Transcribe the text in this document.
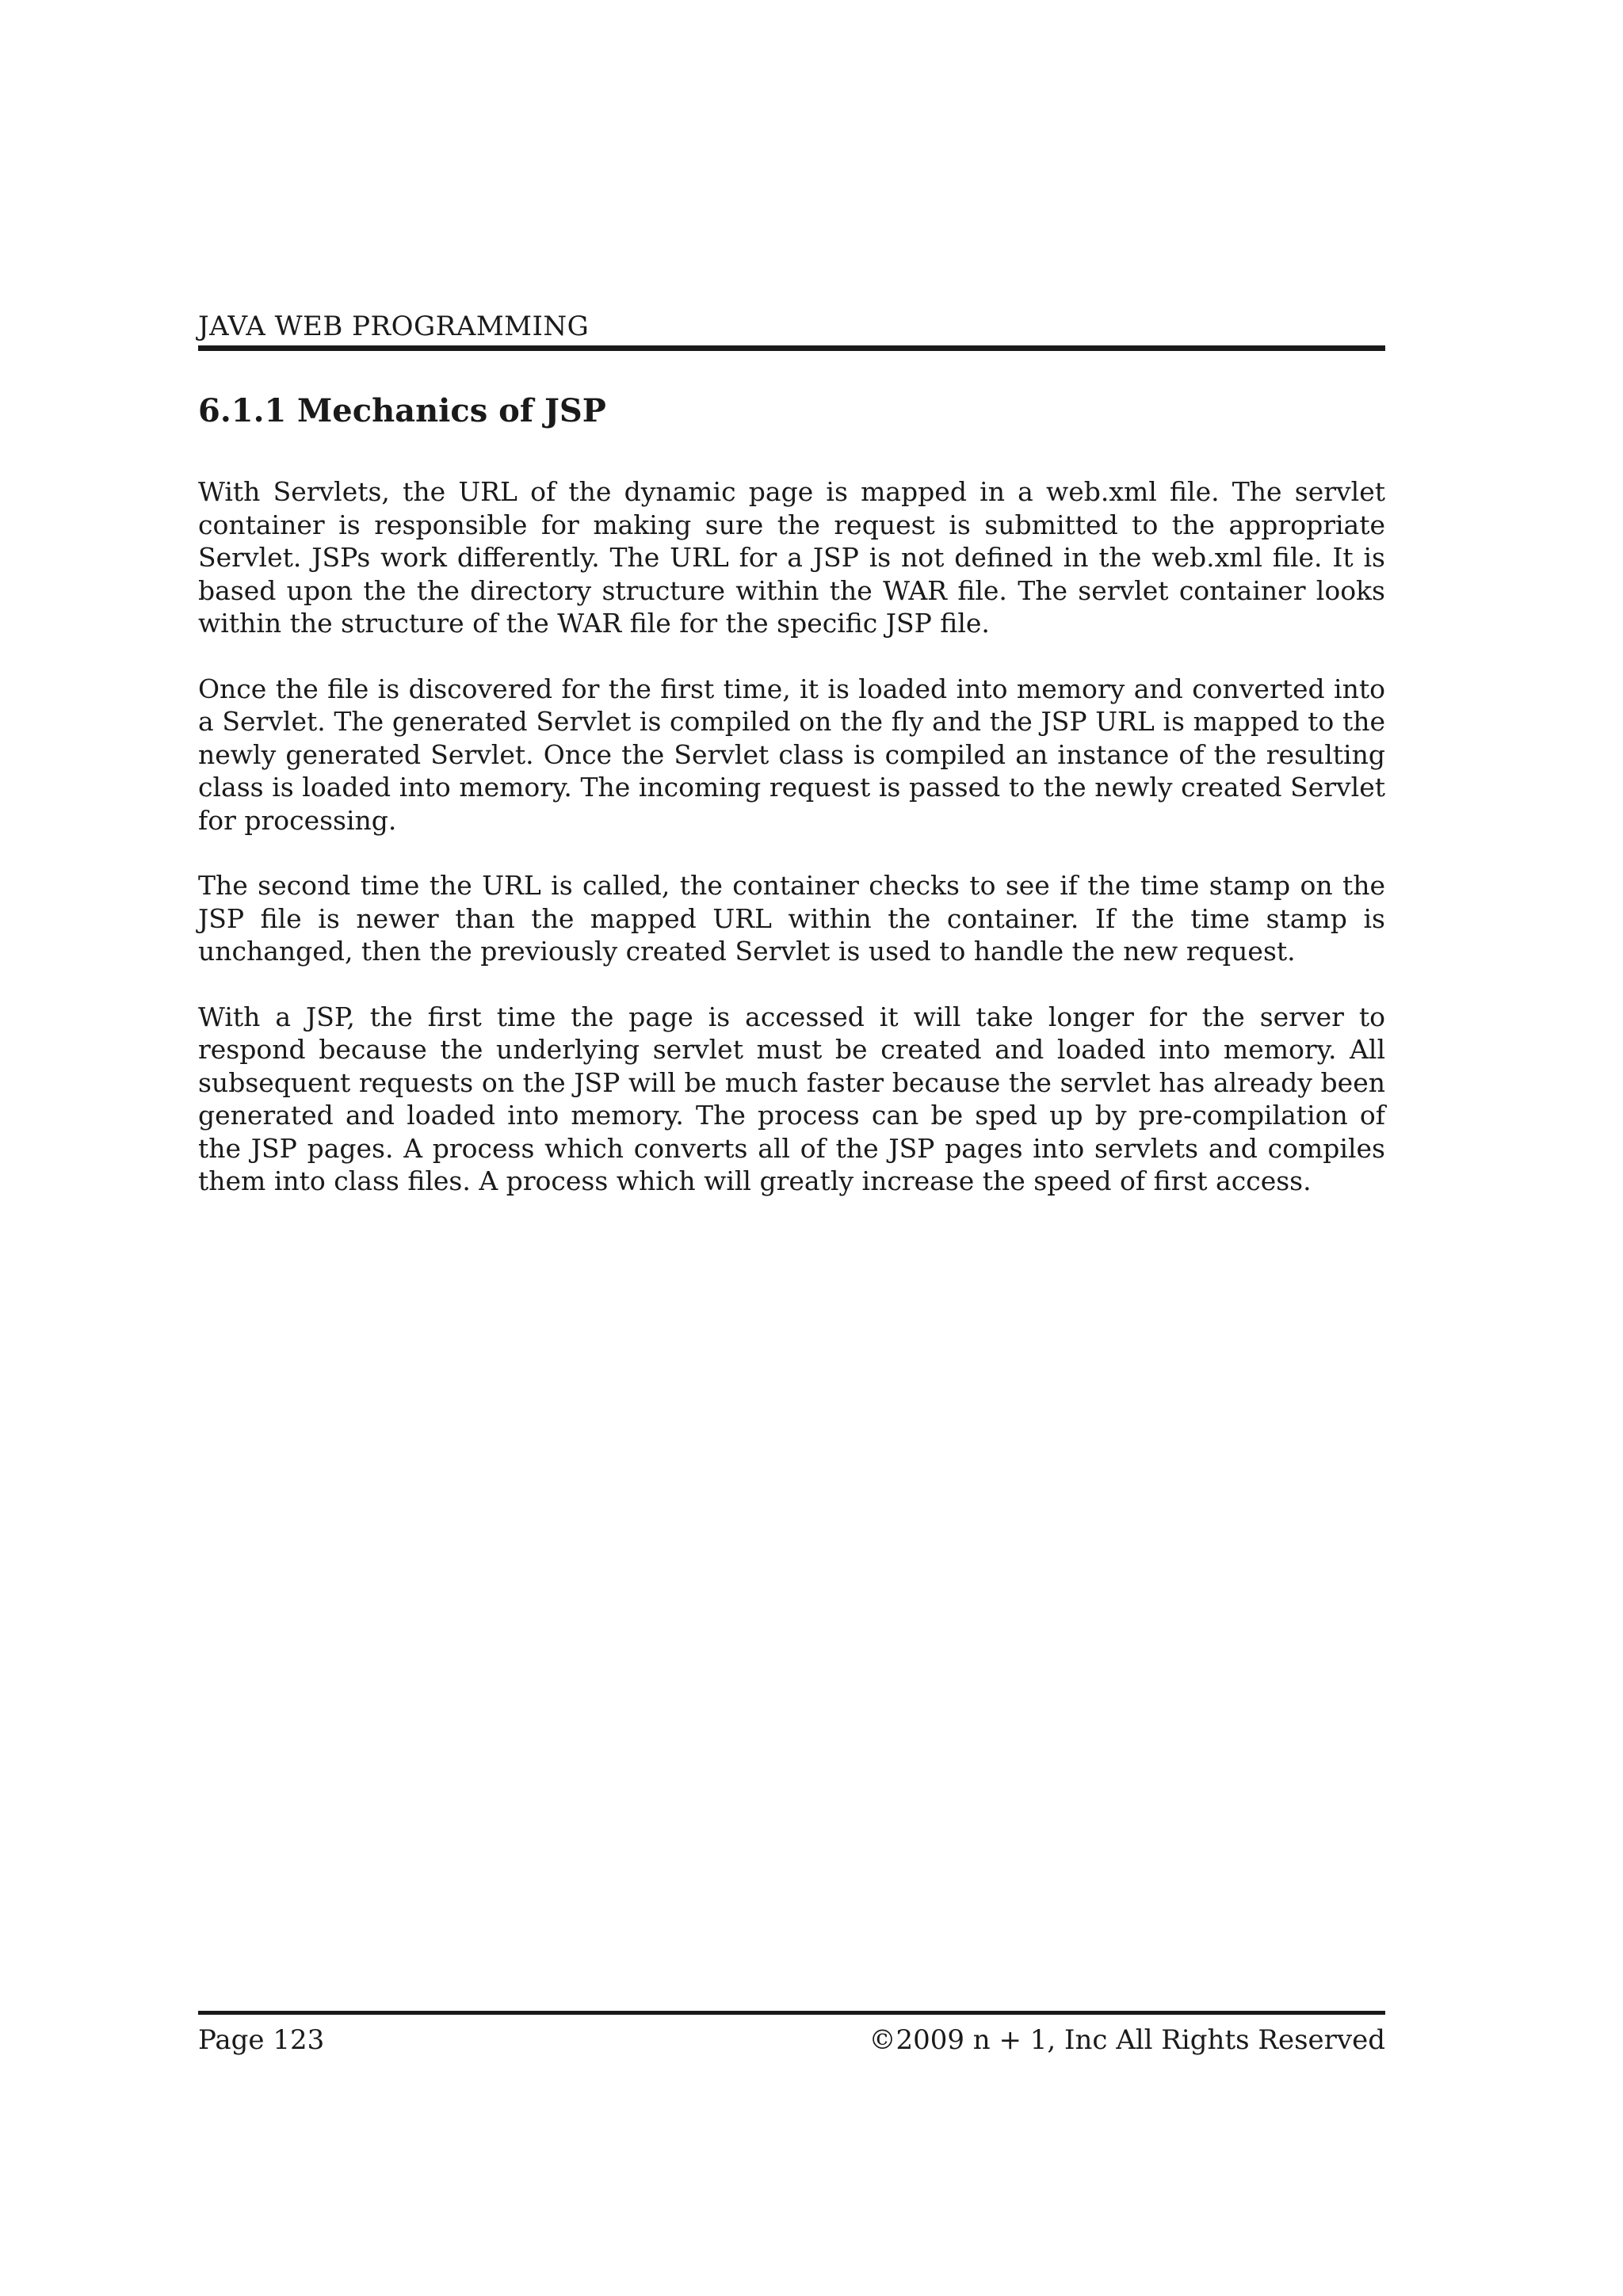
JAVA WEB PROGRAMMING
6.1.1 Mechanics of JSP

With Servlets, the URL of the dynamic page is mapped in a web.xml file. The servlet container is responsible for making sure the request is submitted to the appropriate Servlet. JSPs work differently. The URL for a JSP is not defined in the web.xml file. It is based upon the the directory structure within the WAR file. The servlet container looks within the structure of the WAR file for the specific JSP file.

Once the file is discovered for the first time, it is loaded into memory and converted into a Servlet. The generated Servlet is compiled on the fly and the JSP URL is mapped to the newly generated Servlet. Once the Servlet class is compiled an instance of the resulting class is loaded into memory. The incoming request is passed to the newly created Servlet for processing.

The second time the URL is called, the container checks to see if the time stamp on the JSP file is newer than the mapped URL within the container. If the time stamp is unchanged, then the previously created Servlet is used to handle the new request.

With a JSP, the first time the page is accessed it will take longer for the server to respond because the underlying servlet must be created and loaded into memory. All subsequent requests on the JSP will be much faster because the servlet has already been generated and loaded into memory. The process can be sped up by pre-compilation of the JSP pages. A process which converts all of the JSP pages into servlets and compiles them into class files. A process which will greatly increase the speed of first access.

Page 123	©2009 n + 1, Inc All Rights Reserved
